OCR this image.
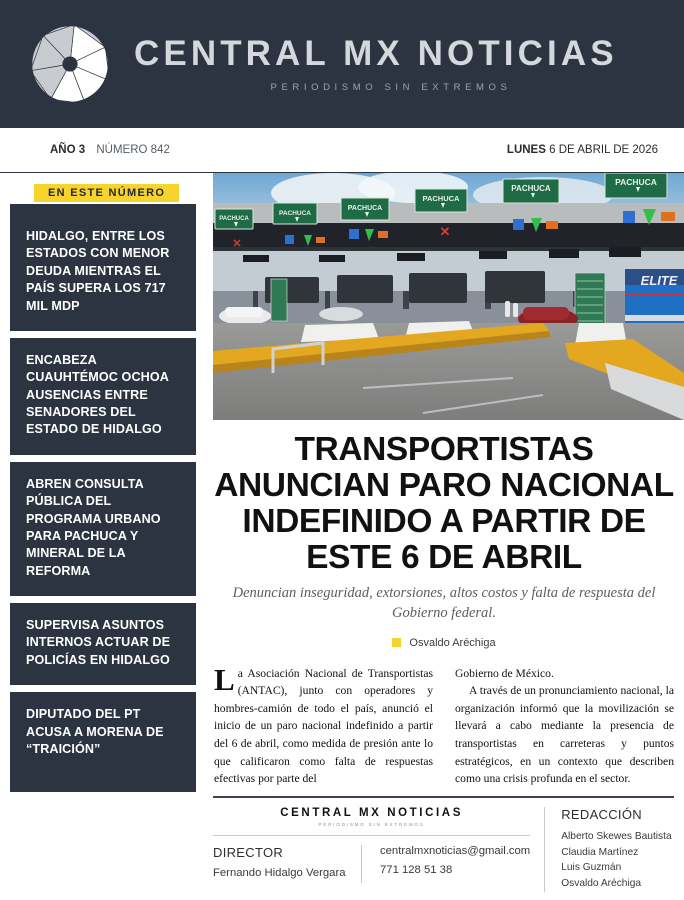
CENTRAL MX NOTICIAS
PERIODISMO SIN EXTREMOS
AÑO 3 NÚMERO 842	LUNES 6 DE ABRIL DE 2026
EN ESTE NÚMERO
HIDALGO, ENTRE LOS ESTADOS CON MENOR DEUDA MIENTRAS EL PAÍS SUPERA LOS 717 MIL MDP
ENCABEZA CUAUHTÉMOC OCHOA AUSENCIAS ENTRE SENADORES DEL ESTADO DE HIDALGO
ABREN CONSULTA PÚBLICA DEL PROGRAMA URBANO PARA PACHUCA Y MINERAL DE LA REFORMA
SUPERVISA ASUNTOS INTERNOS ACTUAR DE POLICÍAS EN HIDALGO
DIPUTADO DEL PT ACUSA A MORENA DE “TRAICIÓN”
PACHUCA
PACHUCA
PACHUCA
PACHUCA
PACHUCA
PACHUCA
✕
✕
ELITE
TRANSPORTISTAS ANUNCIAN PARO NACIONAL INDEFINIDO A PARTIR DE ESTE 6 DE ABRIL

Denuncian inseguridad, extorsiones, altos costos y falta de respuesta del Gobierno federal.

Osvaldo Aréchiga

La Asociación Nacional de Transportistas (ANTAC), junto con operadores y hombres-camión de todo el país, anunció el inicio de un paro nacional indefinido a partir del 6 de abril, como medida de presión ante lo que calificaron como falta de respuestas efectivas por parte del

Gobierno de México.

A través de un pronunciamiento nacional, la organización informó que la movilización se llevará a cabo mediante la presencia de transportistas en carreteras y puntos estratégicos, en un contexto que describen como una crisis profunda en el sector.

CENTRAL MX NOTICIAS
PERIODISMO SIN EXTREMOS
DIRECTOR
Fernando Hidalgo Vergara
centralmxnoticias@gmail.com
771 128 51 38
REDACCIÓN
Alberto Skewes Bautista
Claudia Martínez
Luis Guzmán
Osvaldo Aréchiga
